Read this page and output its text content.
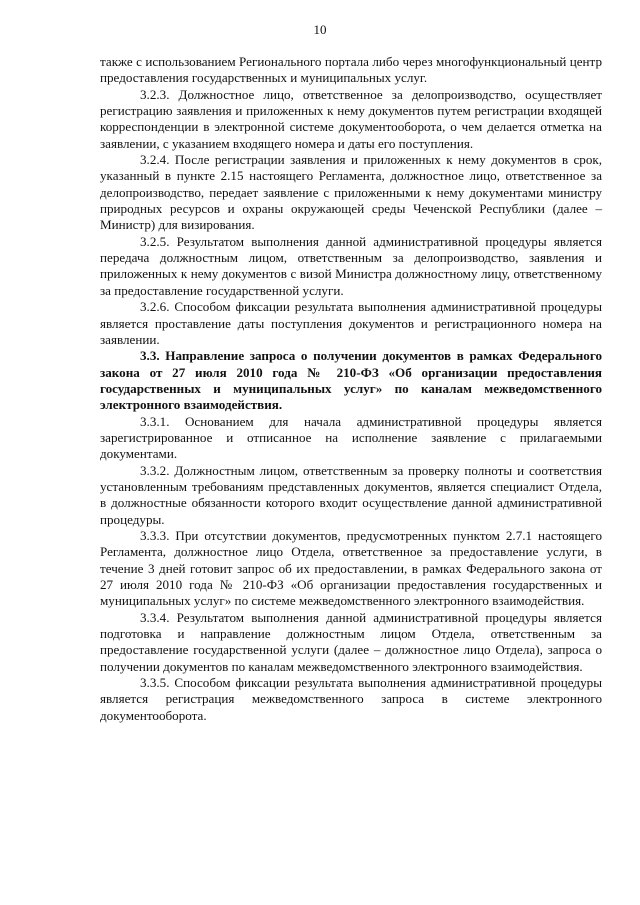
10

также с использованием Регионального портала либо через многофункциональный центр предоставления государственных и муниципальных услуг.

3.2.3. Должностное лицо, ответственное за делопроизводство, осуществляет регистрацию заявления и приложенных к нему документов путем регистрации входящей корреспонденции в электронной системе документооборота, о чем делается отметка на заявлении, с указанием входящего номера и даты его поступления.

3.2.4. После регистрации заявления и приложенных к нему документов в срок, указанный в пункте 2.15 настоящего Регламента, должностное лицо, ответственное за делопроизводство, передает заявление с приложенными к нему документами министру природных ресурсов и охраны окружающей среды Чеченской Республики (далее – Министр) для визирования.

3.2.5. Результатом выполнения данной административной процедуры является передача должностным лицом, ответственным за делопроизводство, заявления и приложенных к нему документов с визой Министра должностному лицу, ответственному за предоставление государственной услуги.

3.2.6. Способом фиксации результата выполнения административной процедуры является проставление даты поступления документов и регистрационного номера на заявлении.

3.3. Направление запроса о получении документов в рамках Федерального закона от 27 июля 2010 года № 210-ФЗ «Об организации предоставления государственных и муниципальных услуг» по каналам межведомственного электронного взаимодействия.

3.3.1. Основанием для начала административной процедуры является зарегистрированное и отписанное на исполнение заявление с прилагаемыми документами.

3.3.2. Должностным лицом, ответственным за проверку полноты и соответствия установленным требованиям представленных документов, является специалист Отдела, в должностные обязанности которого входит осуществление данной административной процедуры.

3.3.3. При отсутствии документов, предусмотренных пунктом 2.7.1 настоящего Регламента, должностное лицо Отдела, ответственное за предоставление услуги, в течение 3 дней готовит запрос об их предоставлении, в рамках Федерального закона от 27 июля 2010 года № 210-ФЗ «Об организации предоставления государственных и муниципальных услуг» по системе межведомственного электронного взаимодействия.

3.3.4. Результатом выполнения данной административной процедуры является подготовка и направление должностным лицом Отдела, ответственным за предоставление государственной услуги (далее – должностное лицо Отдела), запроса о получении документов по каналам межведомственного электронного взаимодействия.

3.3.5. Способом фиксации результата выполнения административной процедуры является регистрация межведомственного запроса в системе электронного документооборота.
